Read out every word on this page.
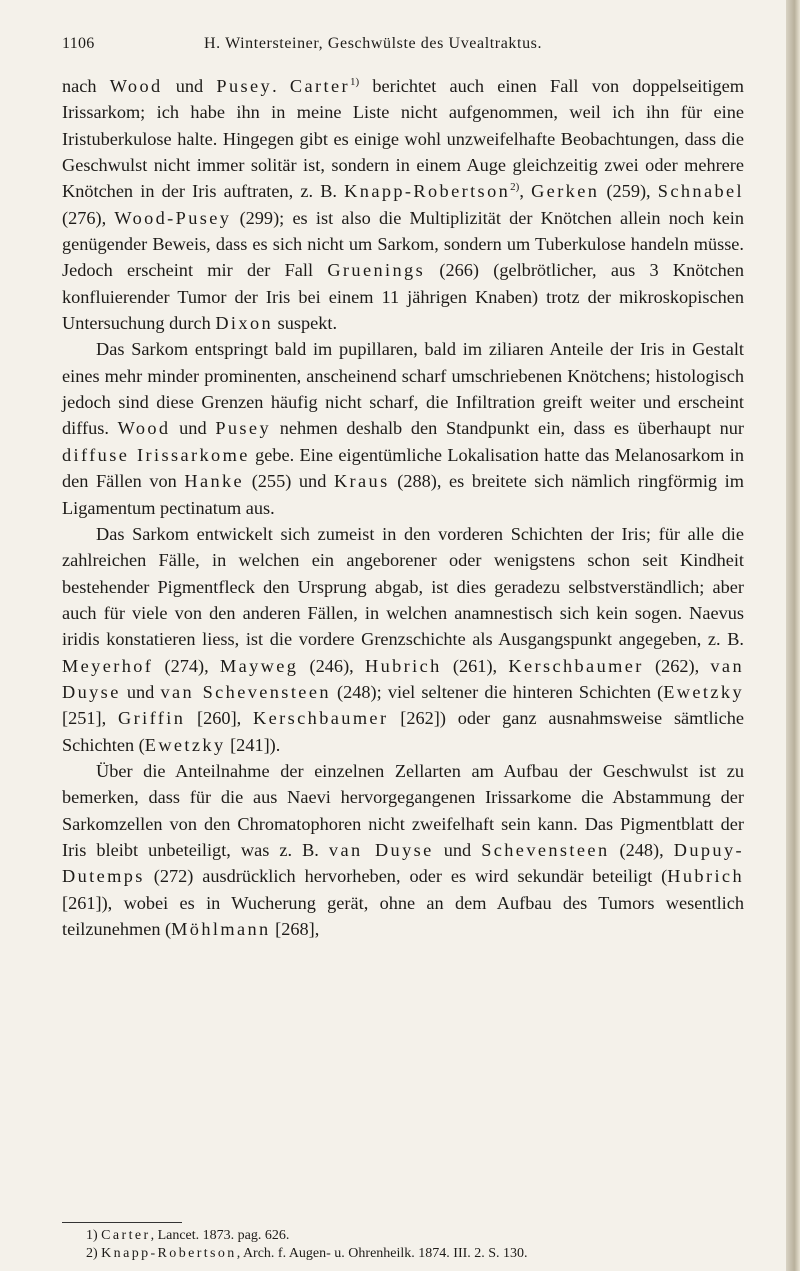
1106	H. Wintersteiner, Geschwülste des Uvealtraktus.

nach Wood und Pusey. Carter$^{1)}$ berichtet auch einen Fall von doppelseitigem Irissarkom; ich habe ihn in meine Liste nicht aufgenommen, weil ich ihn für eine Iristuberkulose halte. Hingegen gibt es einige wohl unzweifelhafte Beobachtungen, dass die Geschwulst nicht immer solitär ist, sondern in einem Auge gleichzeitig zwei oder mehrere Knötchen in der Iris auftraten, z. B. Knapp-Robertson$^{2)}$, Gerken (259), Schnabel (276), Wood-Pusey (299); es ist also die Multiplizität der Knötchen allein noch kein genügender Beweis, dass es sich nicht um Sarkom, sondern um Tuberkulose handeln müsse. Jedoch erscheint mir der Fall Gruenings (266) (gelbrötlicher, aus 3 Knötchen konfluierender Tumor der Iris bei einem 11 jährigen Knaben) trotz der mikroskopischen Untersuchung durch Dixon suspekt.

Das Sarkom entspringt bald im pupillaren, bald im ziliaren Anteile der Iris in Gestalt eines mehr minder prominenten, anscheinend scharf umschriebenen Knötchens; histologisch jedoch sind diese Grenzen häufig nicht scharf, die Infiltration greift weiter und erscheint diffus. Wood und Pusey nehmen deshalb den Standpunkt ein, dass es überhaupt nur diffuse Irissarkome gebe. Eine eigentümliche Lokalisation hatte das Melanosarkom in den Fällen von Hanke (255) und Kraus (288), es breitete sich nämlich ringförmig im Ligamentum pectinatum aus.

Das Sarkom entwickelt sich zumeist in den vorderen Schichten der Iris; für alle die zahlreichen Fälle, in welchen ein angeborener oder wenigstens schon seit Kindheit bestehender Pigmentfleck den Ursprung abgab, ist dies geradezu selbstverständlich; aber auch für viele von den anderen Fällen, in welchen anamnestisch sich kein sogen. Naevus iridis konstatieren liess, ist die vordere Grenzschichte als Ausgangspunkt angegeben, z. B. Meyerhof (274), Mayweg (246), Hubrich (261), Kerschbaumer (262), van Duyse und van Schevensteen (248); viel seltener die hinteren Schichten (Ewetzky [251], Griffin [260], Kerschbaumer [262]) oder ganz ausnahmsweise sämtliche Schichten (Ewetzky [241]).

Über die Anteilnahme der einzelnen Zellarten am Aufbau der Geschwulst ist zu bemerken, dass für die aus Naevi hervorgegangenen Irissarkome die Abstammung der Sarkomzellen von den Chromatophoren nicht zweifelhaft sein kann. Das Pigmentblatt der Iris bleibt unbeteiligt, was z. B. van Duyse und Schevensteen (248), Dupuy-Dutemps (272) ausdrücklich hervorheben, oder es wird sekundär beteiligt (Hubrich [261]), wobei es in Wucherung gerät, ohne an dem Aufbau des Tumors wesentlich teilzunehmen (Möhlmann [268],

1) Carter, Lancet. 1873. pag. 626.
2) Knapp-Robertson, Arch. f. Augen- u. Ohrenheilk. 1874. III. 2. S. 130.
